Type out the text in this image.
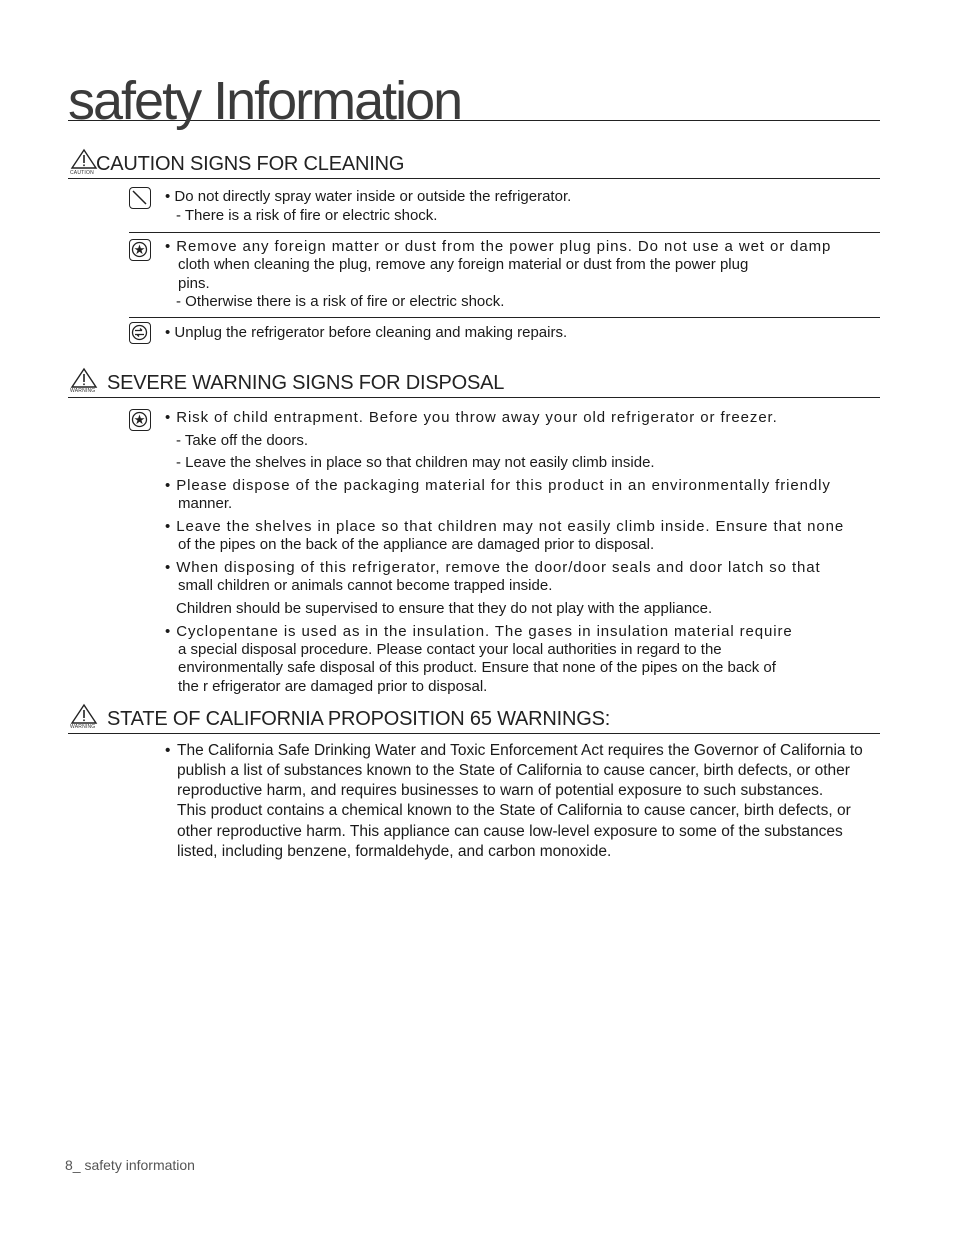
safety Information
CAUTION CAUTION SIGNS FOR CLEANING
• Do not directly spray water inside or outside the refrigerator.
- There is a risk of fire or electric shock.
• Remove any foreign matter or dust from the power plug pins. Do not use a wet or damp
cloth when cleaning the plug, remove any foreign material or dust from the power plug
pins.
- Otherwise there is a risk of fire or electric shock.
• Unplug the refrigerator before cleaning and making repairs.
WARNING SEVERE WARNING SIGNS FOR DISPOSAL
• Risk of child entrapment. Before you throw away your old refrigerator or freezer.
- Take off the doors.
- Leave the shelves in place so that children may not easily climb inside.
• Please dispose of the packaging material for this product in an environmentally friendly
manner.
• Leave the shelves in place so that children may not easily climb inside. Ensure that none
of the pipes on the back of the appliance are damaged prior to disposal.
• When disposing of this refrigerator, remove the door/door seals and door latch so that
small children or animals cannot become trapped inside.
Children should be supervised to ensure that they do not play with the appliance.
• Cyclopentane is used as in the insulation. The gases in insulation material require
a special disposal procedure. Please contact your local authorities in regard to the
environmentally safe disposal of this product. Ensure that none of the pipes on the back of
the r efrigerator are damaged prior to disposal.
WARNING STATE OF CALIFORNIA PROPOSITION 65 WARNINGS:
• The California Safe Drinking Water and Toxic Enforcement Act requires the Governor of California to
publish a list of substances known to the State of California to cause cancer, birth defects, or other
reproductive harm, and requires businesses to warn of potential exposure to such substances.
This product contains a chemical known to the State of California to cause cancer, birth defects, or
other reproductive harm. This appliance can cause low-level exposure to some of the substances
listed, including benzene, formaldehyde, and carbon monoxide.
8_ safety information
